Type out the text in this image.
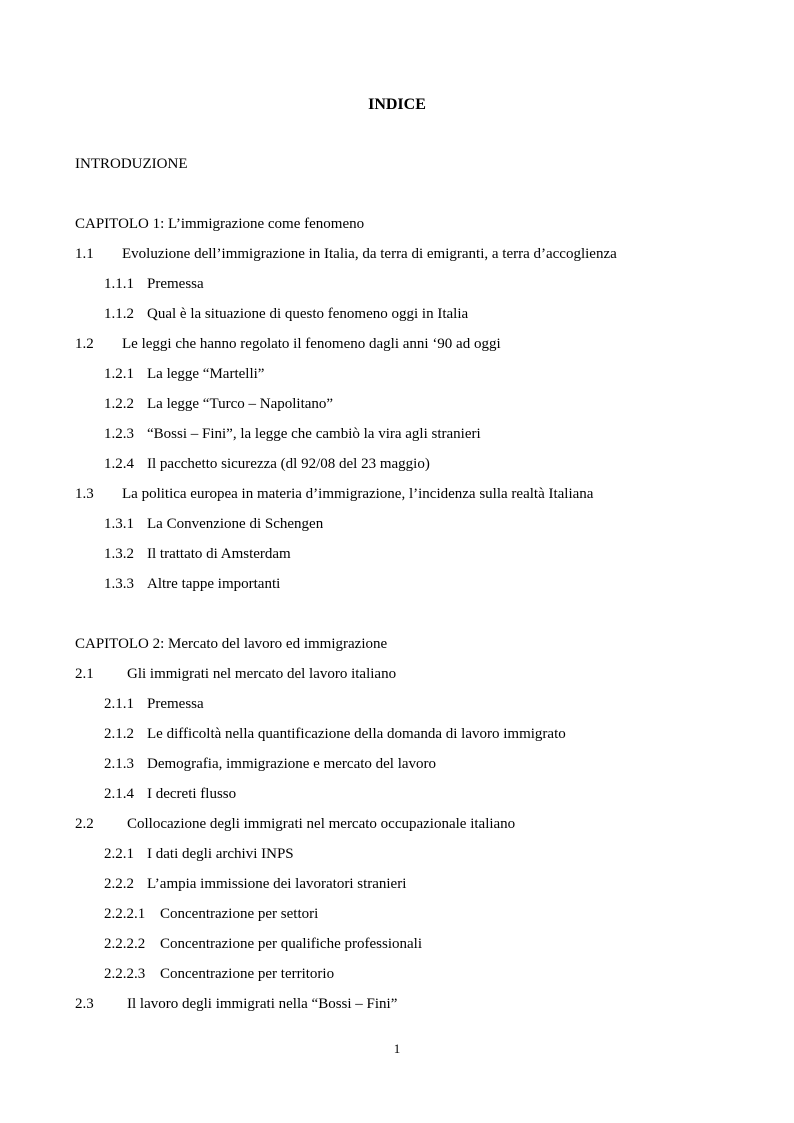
INDICE
INTRODUZIONE
CAPITOLO 1: L’immigrazione come fenomeno
1.1 Evoluzione dell’immigrazione in Italia, da terra di emigranti, a terra d’accoglienza
1.1.1 Premessa
1.1.2 Qual è la situazione di questo fenomeno oggi in Italia
1.2 Le leggi che hanno regolato il fenomeno dagli anni ‘90 ad oggi
1.2.1 La legge “Martelli”
1.2.2 La legge “Turco – Napolitano”
1.2.3 “Bossi – Fini”, la legge che cambiò la vira agli stranieri
1.2.4 Il pacchetto sicurezza (dl 92/08 del 23 maggio)
1.3 La politica europea in materia d’immigrazione, l’incidenza sulla realtà Italiana
1.3.1 La Convenzione di Schengen
1.3.2 Il trattato di Amsterdam
1.3.3 Altre tappe importanti
CAPITOLO 2: Mercato del lavoro ed immigrazione
2.1 Gli immigrati nel mercato del lavoro italiano
2.1.1 Premessa
2.1.2 Le difficoltà nella quantificazione della domanda di lavoro immigrato
2.1.3 Demografia, immigrazione e mercato del lavoro
2.1.4 I decreti flusso
2.2 Collocazione degli immigrati nel mercato occupazionale italiano
2.2.1 I dati degli archivi INPS
2.2.2 L’ampia immissione dei lavoratori stranieri
2.2.2.1 Concentrazione per settori
2.2.2.2 Concentrazione per qualifiche professionali
2.2.2.3 Concentrazione per territorio
2.3 Il lavoro degli immigrati nella “Bossi – Fini”
1
